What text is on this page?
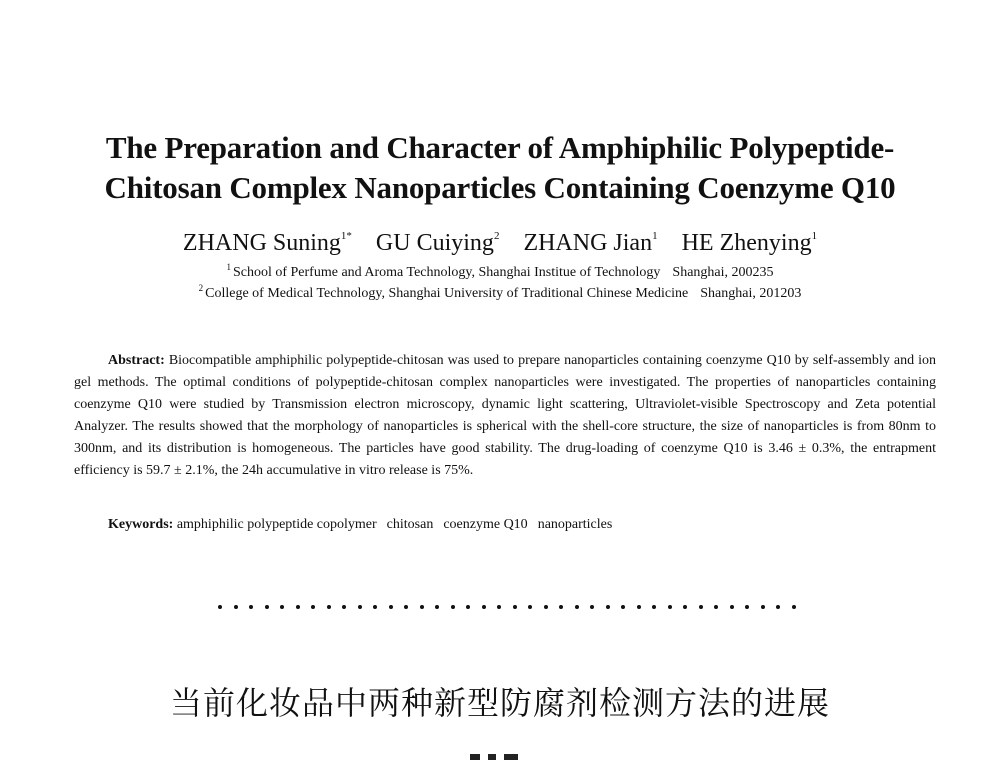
The Preparation and Character of Amphiphilic Polypeptide-
Chitosan Complex Nanoparticles Containing Coenzyme Q10
ZHANG Suning$^{1*}$ GU Cuiying$^2$ ZHANG Jian$^1$ HE Zhenying$^1$
$^1$ School of Perfume and Aroma Technology, Shanghai Institue of Technology Shanghai, 200235
$^2$ College of Medical Technology, Shanghai University of Traditional Chinese Medicine Shanghai, 201203

Abstract: Biocompatible amphiphilic polypeptide-chitosan was used to prepare nanoparticles containing coenzyme Q10 by self-assembly and ion gel methods. The optimal conditions of polypeptide-chitosan complex nanoparticles were investigated. The properties of nanoparticles containing coenzyme Q10 were studied by Transmission electron microscopy, dynamic light scattering, Ultraviolet-visible Spectroscopy and Zeta potential Analyzer. The results showed that the morphology of nanoparticles is spherical with the shell-core structure, the size of nanoparticles is from 80nm to 300nm, and its distribution is homogeneous. The particles have good stability. The drug-loading of coenzyme Q10 is 3.46 ± 0.3%, the entrapment efficiency is 59.7 ± 2.1%, the 24h accumulative in vitro release is 75%.

Keywords: amphiphilic polypeptide copolymer chitosan coenzyme Q10 nanoparticles
当前化妆品中两种新型防腐剂检测方法的进展
